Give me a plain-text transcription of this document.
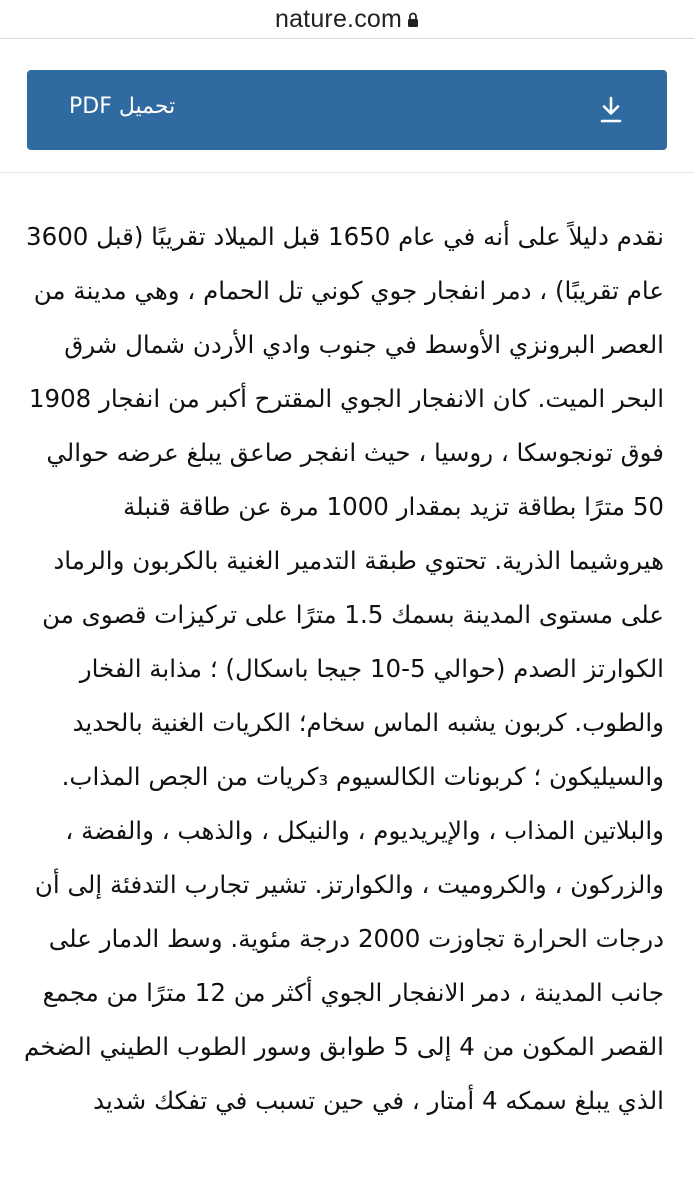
nature.com
تحميل PDF

نقدم دليلاً على أنه في عام 1650 قبل الميلاد تقريبًا (قبل 3600 عام تقريبًا) ، دمر انفجار جوي كوني تل الحمام ، وهي مدينة من العصر البرونزي الأوسط في جنوب وادي الأردن شمال شرق البحر الميت. كان الانفجار الجوي المقترح أكبر من انفجار 1908 فوق تونجوسكا ، روسيا ، حيث انفجر صاعق يبلغ عرضه حوالي 50 مترًا بطاقة تزيد بمقدار 1000 مرة عن طاقة قنبلة هيروشيما الذرية. تحتوي طبقة التدمير الغنية بالكربون والرماد على مستوى المدينة بسمك 1.5 مترًا على تركيزات قصوى من الكوارتز الصدم (حوالي 5-10 جيجا باسكال) ؛ مذابة الفخار والطوب. كربون يشبه الماس سخام؛ الكريات الغنية بالحديد والسيليكون ؛ كربونات الكالسيوم ₃كريات من الجص المذاب. والبلاتين المذاب ، والإيريديوم ، والنيكل ، والذهب ، والفضة ، والزركون ، والكروميت ، والكوارتز. تشير تجارب التدفئة إلى أن درجات الحرارة تجاوزت 2000 درجة مئوية. وسط الدمار على جانب المدينة ، دمر الانفجار الجوي أكثر من 12 مترًا من مجمع القصر المكون من 4 إلى 5 طوابق وسور الطوب الطيني الضخم الذي يبلغ سمكه 4 أمتار ، في حين تسبب في تفكك شديد
